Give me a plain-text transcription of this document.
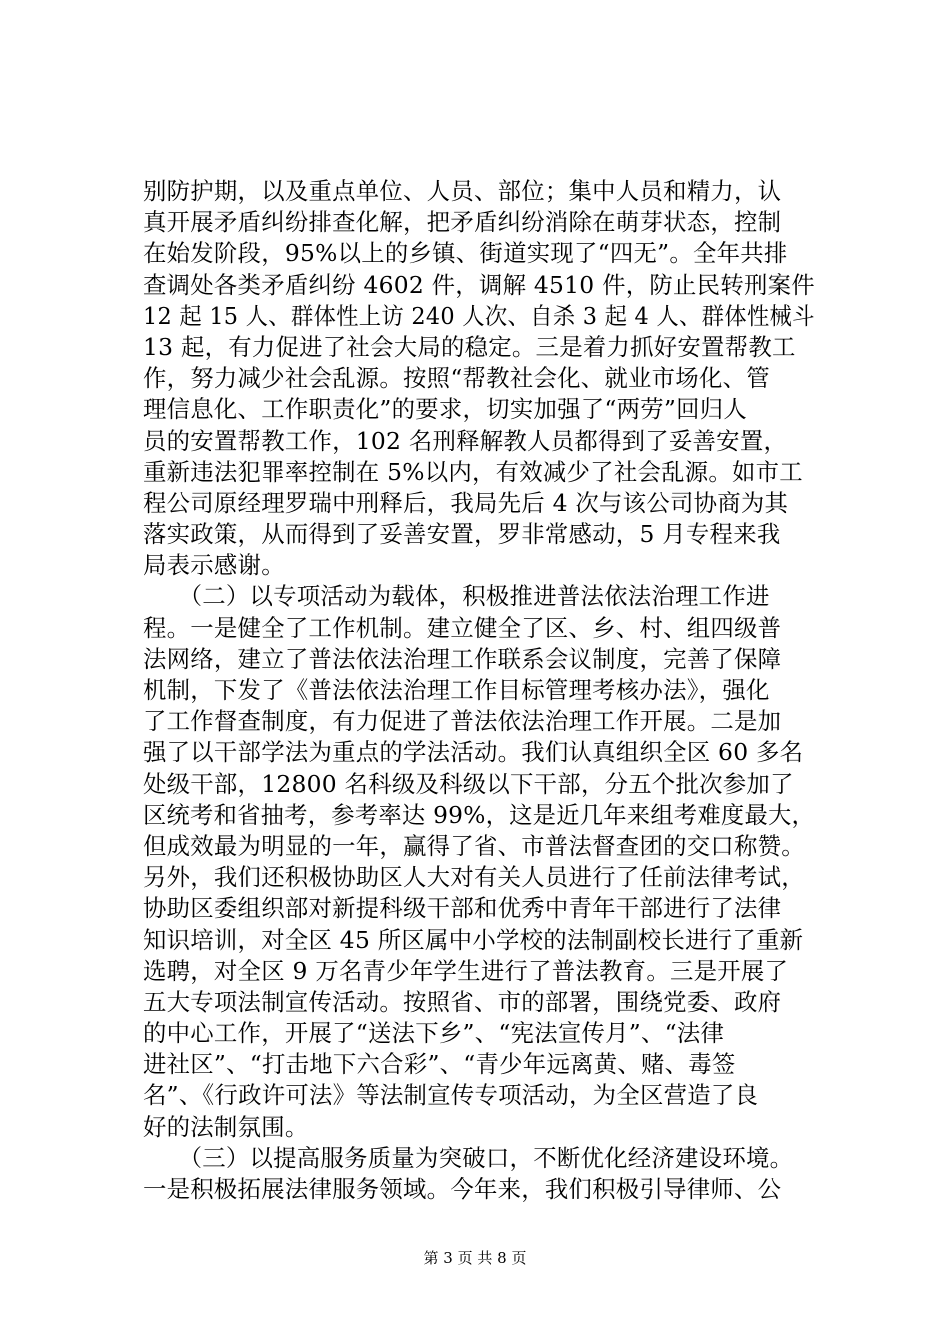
别防护期，以及重点单位、人员、部位；集中人员和精力，认
真开展矛盾纠纷排查化解，把矛盾纠纷消除在萌芽状态，控制
在始发阶段，95%以上的乡镇、街道实现了“四无”。全年共排
查调处各类矛盾纠纷 4602 件，调解 4510 件，防止民转刑案件
12 起 15 人、群体性上访 240 人次、自杀 3 起 4 人、群体性械斗
13 起，有力促进了社会大局的稳定。三是着力抓好安置帮教工
作，努力减少社会乱源。按照“帮教社会化、就业市场化、管
理信息化、工作职责化”的要求，切实加强了“两劳”回归人
员的安置帮教工作，102 名刑释解教人员都得到了妥善安置，
重新违法犯罪率控制在 5%以内，有效减少了社会乱源。如市工
程公司原经理罗瑞中刑释后，我局先后 4 次与该公司协商为其
落实政策，从而得到了妥善安置，罗非常感动，5 月专程来我
局表示感谢。
　　（二）以专项活动为载体，积极推进普法依法治理工作进
程。一是健全了工作机制。建立健全了区、乡、村、组四级普
法网络，建立了普法依法治理工作联系会议制度，完善了保障
机制，下发了《普法依法治理工作目标管理考核办法》，强化
了工作督查制度，有力促进了普法依法治理工作开展。二是加
强了以干部学法为重点的学法活动。我们认真组织全区 60 多名
处级干部，12800 名科级及科级以下干部，分五个批次参加了
区统考和省抽考，参考率达 99%，这是近几年来组考难度最大，
但成效最为明显的一年，赢得了省、市普法督查团的交口称赞。
另外，我们还积极协助区人大对有关人员进行了任前法律考试，
协助区委组织部对新提科级干部和优秀中青年干部进行了法律
知识培训，对全区 45 所区属中小学校的法制副校长进行了重新
选聘，对全区 9 万名青少年学生进行了普法教育。三是开展了
五大专项法制宣传活动。按照省、市的部署，围绕党委、政府
的中心工作，开展了“送法下乡”、“宪法宣传月”、“法律
进社区”、“打击地下六合彩”、“青少年远离黄、赌、毒签
名”、《行政许可法》等法制宣传专项活动，为全区营造了良
好的法制氛围。
　　（三）以提高服务质量为突破口，不断优化经济建设环境。
一是积极拓展法律服务领域。今年来，我们积极引导律师、公
第 3 页 共 8 页
